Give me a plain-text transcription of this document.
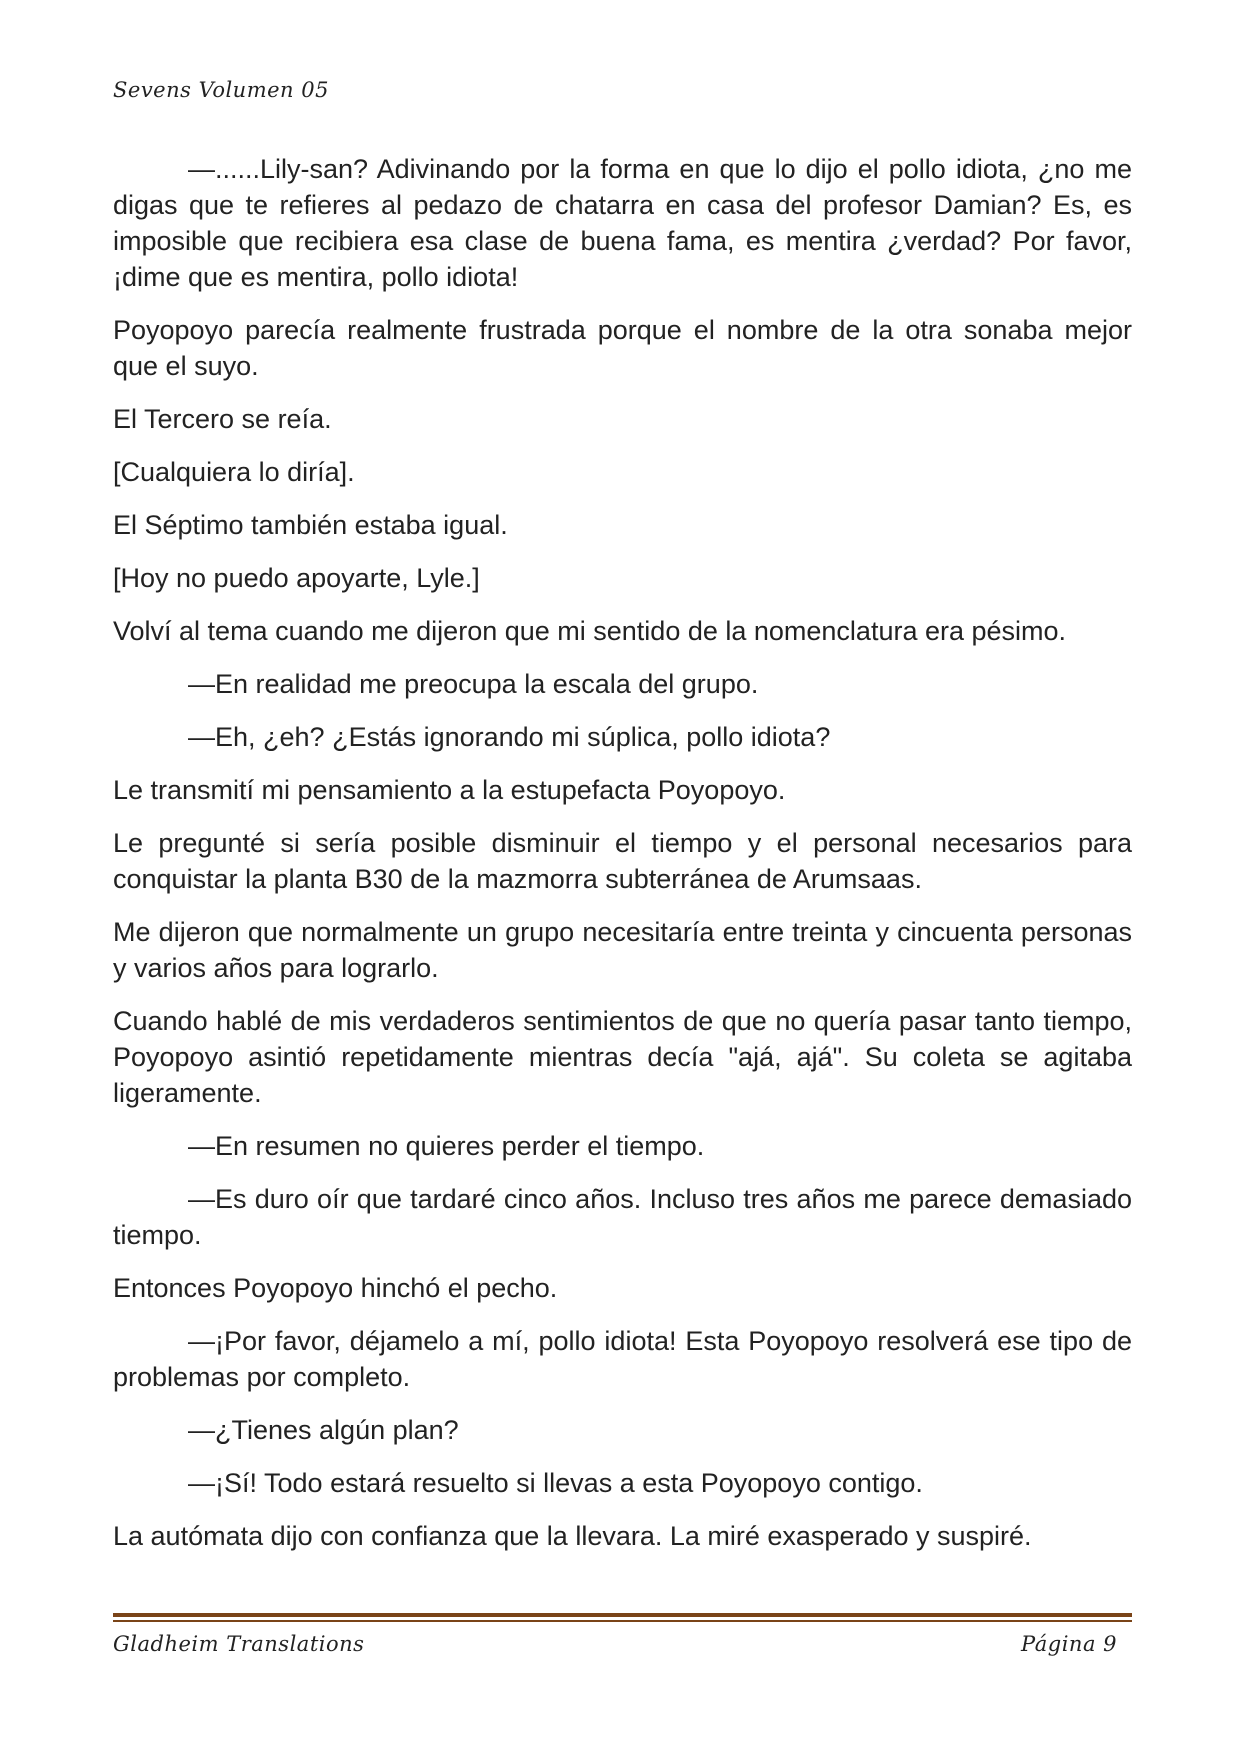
Sevens Volumen 05

—......Lily-san? Adivinando por la forma en que lo dijo el pollo idiota, ¿no me digas que te refieres al pedazo de chatarra en casa del profesor Damian? Es, es imposible que recibiera esa clase de buena fama, es mentira ¿verdad? Por favor, ¡dime que es mentira, pollo idiota!

Poyopoyo parecía realmente frustrada porque el nombre de la otra sonaba mejor que el suyo.

El Tercero se reía.

[Cualquiera lo diría].

El Séptimo también estaba igual.

[Hoy no puedo apoyarte, Lyle.]

Volví al tema cuando me dijeron que mi sentido de la nomenclatura era pésimo.

—En realidad me preocupa la escala del grupo.

—Eh, ¿eh? ¿Estás ignorando mi súplica, pollo idiota?

Le transmití mi pensamiento a la estupefacta Poyopoyo.

Le pregunté si sería posible disminuir el tiempo y el personal necesarios para conquistar la planta B30 de la mazmorra subterránea de Arumsaas.

Me dijeron que normalmente un grupo necesitaría entre treinta y cincuenta personas y varios años para lograrlo.

Cuando hablé de mis verdaderos sentimientos de que no quería pasar tanto tiempo, Poyopoyo asintió repetidamente mientras decía "ajá, ajá". Su coleta se agitaba ligeramente.

—En resumen no quieres perder el tiempo.

—Es duro oír que tardaré cinco años. Incluso tres años me parece demasiado tiempo.

Entonces Poyopoyo hinchó el pecho.

—¡Por favor, déjamelo a mí, pollo idiota! Esta Poyopoyo resolverá ese tipo de problemas por completo.

—¿Tienes algún plan?

—¡Sí! Todo estará resuelto si llevas a esta Poyopoyo contigo.

La autómata dijo con confianza que la llevara. La miré exasperado y suspiré.

Gladheim Translations	Página 9
